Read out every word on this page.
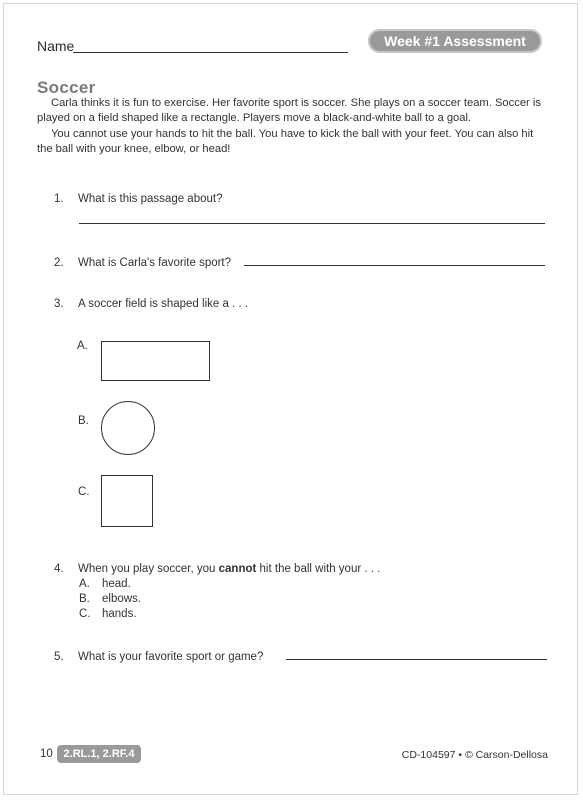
Name	Week #1 Assessment
Soccer

Carla thinks it is fun to exercise. Her favorite sport is soccer. She plays on a soccer team. Soccer is played on a field shaped like a rectangle. Players move a black-and-white ball to a goal.

You cannot use your hands to hit the ball. You have to kick the ball with your feet. You can also hit the ball with your knee, elbow, or head!

1. What is this passage about?
2. What is Carla's favorite sport?
3. A soccer field is shaped like a . . .
A.
B.
C.
4. When you play soccer, you cannot hit the ball with your . . .
A. head.
B. elbows.
C. hands.
5. What is your favorite sport or game?
10 2.RL.1, 2.RF.4	CD-104597 • © Carson-Dellosa
